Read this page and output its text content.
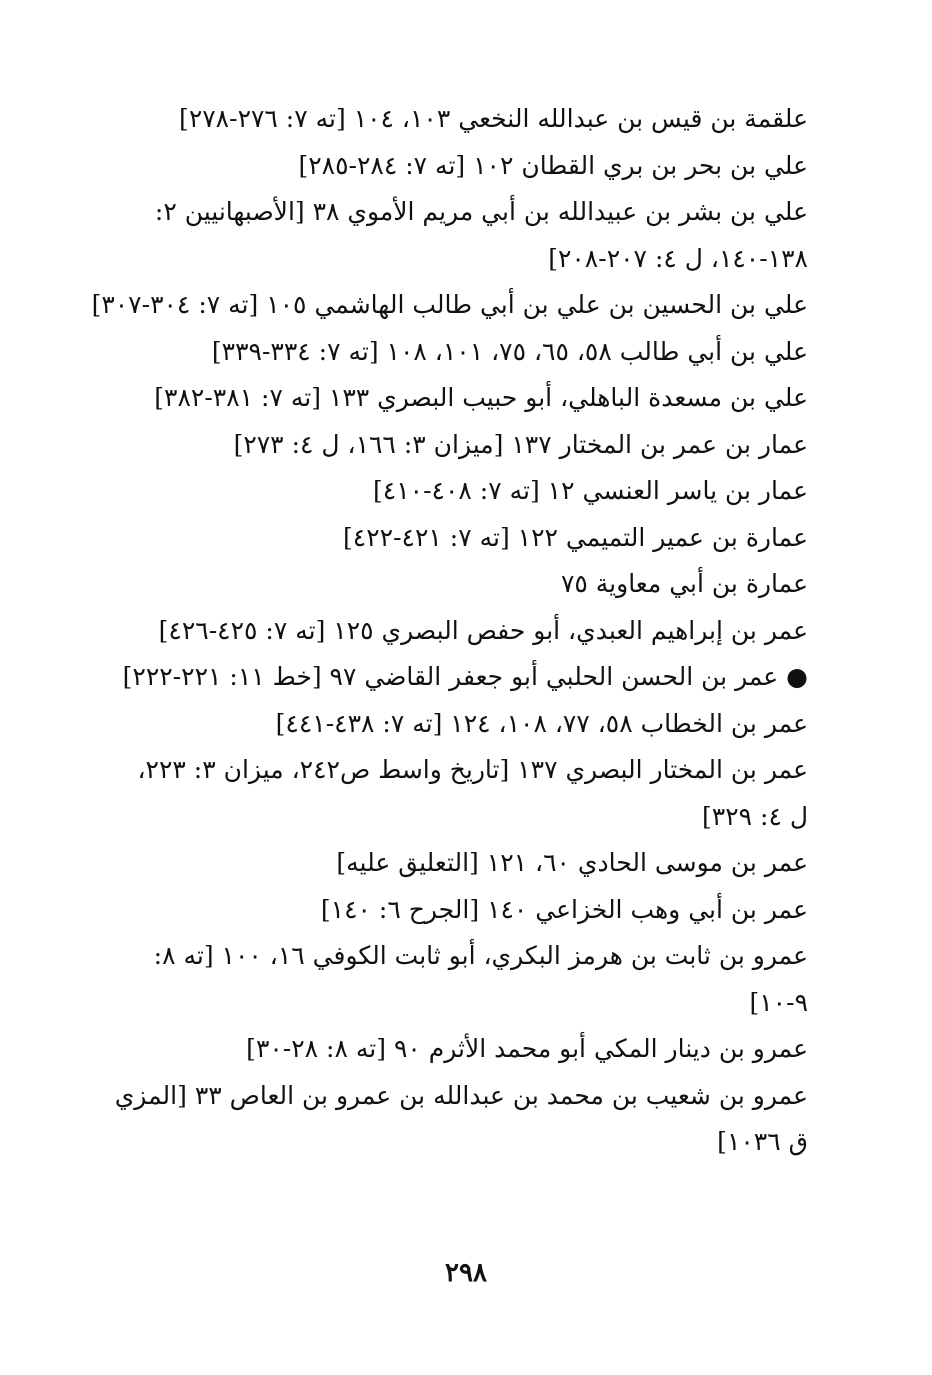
علقمة بن قيس بن عبدالله النخعي ١٠٣، ١٠٤ [ته ٧: ٢٧٦-٢٧٨]
علي بن بحر بن بري القطان ١٠٢ [ته ٧: ٢٨٤-٢٨٥]
علي بن بشر بن عبيدالله بن أبي مريم الأموي ٣٨ [الأصبهانيين ٢:
١٣٨-١٤٠، ل ٤: ٢٠٧-٢٠٨]
علي بن الحسين بن علي بن أبي طالب الهاشمي ١٠٥ [ته ٧: ٣٠٤-٣٠٧]
علي بن أبي طالب ٥٨، ٦٥، ٧٥، ١٠١، ١٠٨ [ته ٧: ٣٣٤-٣٣٩]
علي بن مسعدة الباهلي، أبو حبيب البصري ١٣٣ [ته ٧: ٣٨١-٣٨٢]
عمار بن عمر بن المختار ١٣٧ [ميزان ٣: ١٦٦، ل ٤: ٢٧٣]
عمار بن ياسر العنسي ١٢ [ته ٧: ٤٠٨-٤١٠]
عمارة بن عمير التميمي ١٢٢ [ته ٧: ٤٢١-٤٢٢]
عمارة بن أبي معاوية ٧٥
عمر بن إبراهيم العبدي، أبو حفص البصري ١٢٥ [ته ٧: ٤٢٥-٤٢٦]
● عمر بن الحسن الحلبي أبو جعفر القاضي ٩٧ [خط ١١: ٢٢١-٢٢٢]
عمر بن الخطاب ٥٨، ٧٧، ١٠٨، ١٢٤ [ته ٧: ٤٣٨-٤٤١]
عمر بن المختار البصري ١٣٧ [تاريخ واسط ص٢٤٢، ميزان ٣: ٢٢٣،
ل ٤: ٣٢٩]
عمر بن موسى الحادي ٦٠، ١٢١ [التعليق عليه]
عمر بن أبي وهب الخزاعي ١٤٠ [الجرح ٦: ١٤٠]
عمرو بن ثابت بن هرمز البكري، أبو ثابت الكوفي ١٦، ١٠٠ [ته ٨:
٩-١٠]
عمرو بن دينار المكي أبو محمد الأثرم ٩٠ [ته ٨: ٢٨-٣٠]
عمرو بن شعيب بن محمد بن عبدالله بن عمرو بن العاص ٣٣ [المزي
ق ١٠٣٦]
٢٩٨
